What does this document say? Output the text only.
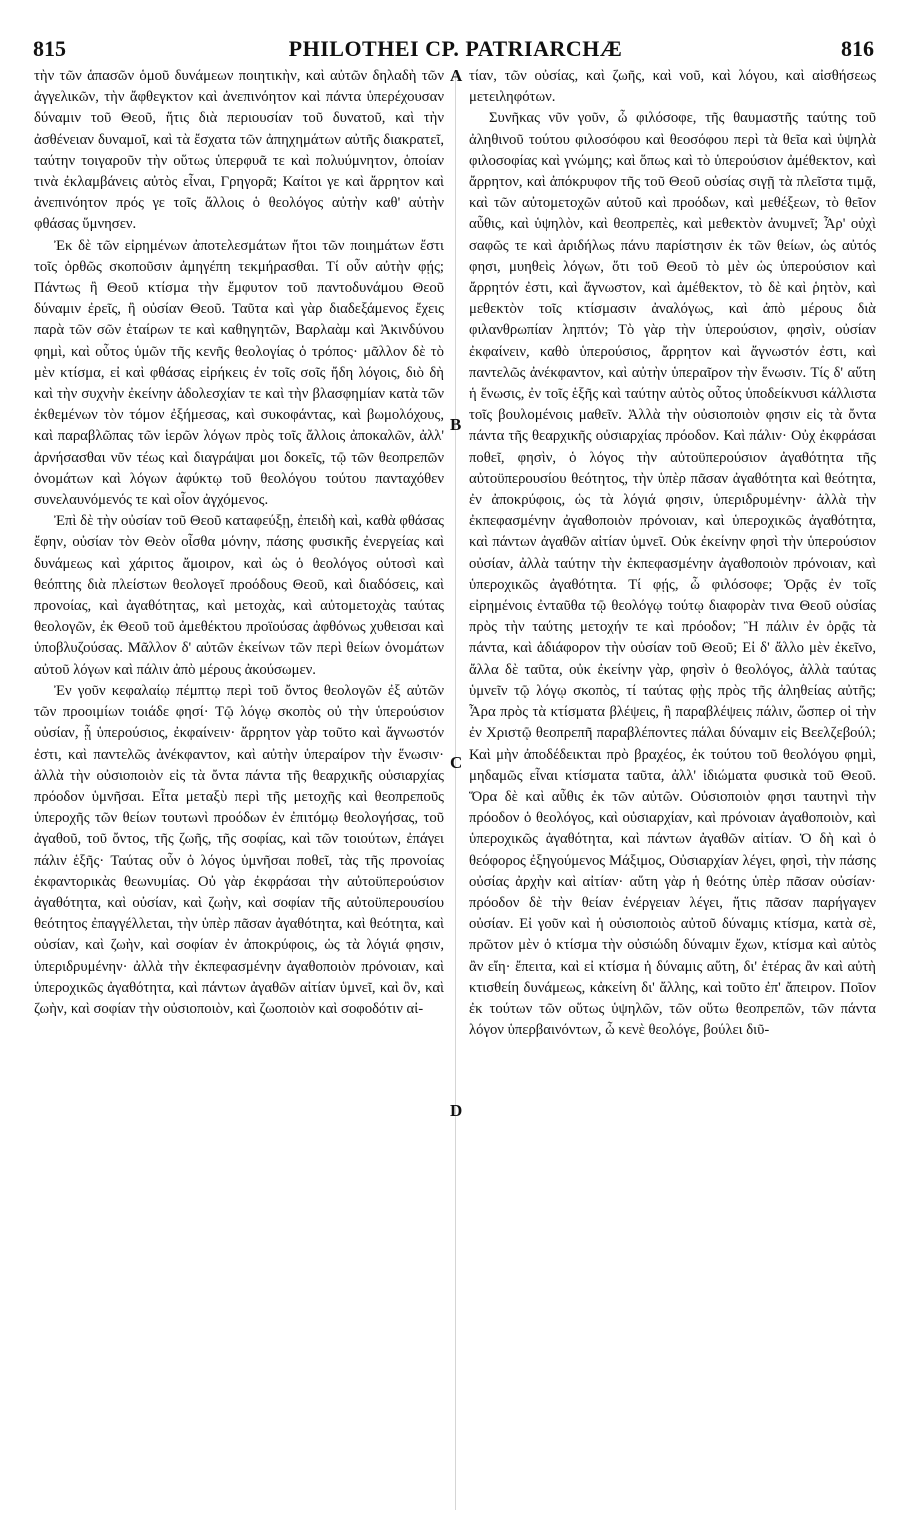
815	PHILOTHEI CP. PATRIARCHÆ	816

τὴν τῶν ἁπασῶν ὁμοῦ δυνάμεων ποιητικὴν, καὶ αὐτῶν δηλαδὴ τῶν ἀγγελικῶν, τὴν ἄφθεγκτον καὶ ἀνεπινόητον καὶ πάντα ὑπερέχουσαν δύναμιν τοῦ Θεοῦ, ἥτις διὰ περιουσίαν τοῦ δυνατοῦ, καὶ τὴν ἀσθένειαν δυναμοῖ, καὶ τὰ ἔσχατα τῶν ἀπηχημάτων αὐτῆς διακρατεῖ, ταύτην τοιγαροῦν τὴν οὕτως ὑπερφυᾶ τε καὶ πολυύμνητον, ὁποίαν τινὰ ἐκλαμβάνεις αὐτὸς εἶναι, Γρηγορᾶ; Καίτοι γε καὶ ἄρρητον καὶ ἀνεπινόητον πρός γε τοῖς ἄλλοις ὁ θεολόγος αὐτὴν καθ' αὑτὴν φθάσας ὕμνησεν.

Ἐκ δὲ τῶν εἰρημένων ἀποτελεσμάτων ἤτοι τῶν ποιημάτων ἔστι τοῖς ὀρθῶς σκοποῦσιν ἀμηγέπη τεκμήρασθαι. Τί οὖν αὐτὴν φῄς; Πάντως ἢ Θεοῦ κτίσμα τὴν ἔμφυτον τοῦ παντοδυνάμου Θεοῦ δύναμιν ἐρεῖς, ἢ οὐσίαν Θεοῦ. Ταῦτα καὶ γὰρ διαδεξάμενος ἔχεις παρὰ τῶν σῶν ἑταίρων τε καὶ καθηγητῶν, Βαρλαὰμ καὶ Ἀκινδύνου φημὶ, καὶ οὗτος ὑμῶν τῆς κενῆς θεολογίας ὁ τρόπος· μᾶλλον δὲ τὸ μὲν κτίσμα, εἰ καὶ φθάσας εἰρήκεις ἐν τοῖς σοῖς ἤδη λόγοις, διὸ δὴ καὶ τὴν συχνὴν ἐκείνην ἀδολεσχίαν τε καὶ τὴν βλασφημίαν κατὰ τῶν ἐκθεμένων τὸν τόμον ἐξήμεσας, καὶ συκοφάντας, καὶ βωμολόχους, καὶ παραβλῶπας τῶν ἱερῶν λόγων πρὸς τοῖς ἄλλοις ἀποκαλῶν, ἀλλ' ἀρνήσασθαι νῦν τέως καὶ διαγράψαι μοι δοκεῖς, τῷ τῶν θεοπρεπῶν ὀνομάτων καὶ λόγων ἀφύκτῳ τοῦ θεολόγου τούτου πανταχόθεν συνελαυνόμενός τε καὶ οἷον ἀγχόμενος.

Ἐπὶ δὲ τὴν οὐσίαν τοῦ Θεοῦ καταφεύξῃ, ἐπειδὴ καὶ, καθὰ φθάσας ἔφην, οὐσίαν τὸν Θεὸν οἶσθα μόνην, πάσης φυσικῆς ἐνεργείας καὶ δυνάμεως καὶ χάριτος ἄμοιρον, καὶ ὡς ὁ θεολόγος οὑτοσὶ καὶ θεόπτης διὰ πλείστων θεολογεῖ προόδους Θεοῦ, καὶ διαδόσεις, καὶ προνοίας, καὶ ἀγαθότητας, καὶ μετοχὰς, καὶ αὐτομετοχὰς ταύτας θεολογῶν, ἐκ Θεοῦ τοῦ ἀμεθέκτου προϊούσας ἀφθόνως χυθεισαι καὶ ὑποβλυζούσας. Μᾶλλον δ' αὐτῶν ἐκείνων τῶν περὶ θείων ὀνομάτων αὐτοῦ λόγων καὶ πάλιν ἀπὸ μέρους ἀκούσωμεν.

Ἐν γοῦν κεφαλαίῳ πέμπτῳ περὶ τοῦ ὄντος θεολογῶν ἐξ αὐτῶν τῶν προοιμίων τοιάδε φησί· Τῷ λόγῳ σκοπὸς οὐ τὴν ὑπερούσιον οὐσίαν, ᾗ ὑπερούσιος, ἐκφαίνειν· ἄρρητον γὰρ τοῦτο καὶ ἄγνωστόν ἐστι, καὶ παντελῶς ἀνέκφαντον, καὶ αὐτὴν ὑπεραίρον τὴν ἕνωσιν· ἀλλὰ τὴν οὐσιοποιὸν εἰς τὰ ὄντα πάντα τῆς θεαρχικῆς οὐσιαρχίας πρόοδον ὑμνῆσαι. Εἶτα μεταξὺ περὶ τῆς μετοχῆς καὶ θεοπρεποῦς ὑπεροχῆς τῶν θείων τουτωνὶ προόδων ἐν ἐπιτόμῳ θεολογήσας, τοῦ ἀγαθοῦ, τοῦ ὄντος, τῆς ζωῆς, τῆς σοφίας, καὶ τῶν τοιούτων, ἐπάγει πάλιν ἑξῆς· Ταύτας οὖν ὁ λόγος ὑμνῆσαι ποθεῖ, τὰς τῆς προνοίας ἐκφαντορικὰς θεωνυμίας. Οὐ γὰρ ἐκφράσαι τὴν αὐτοϋπερούσιον ἀγαθότητα, καὶ οὐσίαν, καὶ ζωὴν, καὶ σοφίαν τῆς αὐτοϋπερουσίου θεότητος ἐπαγγέλλεται, τὴν ὑπὲρ πᾶσαν ἀγαθότητα, καὶ θεότητα, καὶ οὐσίαν, καὶ ζωὴν, καὶ σοφίαν ἐν ἀποκρύφοις, ὡς τὰ λόγιά φησιν, ὑπεριδρυμένην· ἀλλὰ τὴν ἐκπεφασμένην ἀγαθοποιὸν πρόνοιαν, καὶ ὑπεροχικῶς ἀγαθότητα, καὶ πάντων ἀγαθῶν αἰτίαν ὑμνεῖ, καὶ ὂν, καὶ ζωὴν, καὶ σοφίαν τὴν οὐσιοποιὸν, καὶ ζωοποιὸν καὶ σοφοδότιν αἰ-

τίαν, τῶν οὐσίας, καὶ ζωῆς, καὶ νοῦ, καὶ λόγου, καὶ αἰσθήσεως μετειληφότων.

Συνῆκας νῦν γοῦν, ὦ φιλόσοφε, τῆς θαυμαστῆς ταύτης τοῦ ἀληθινοῦ τούτου φιλοσόφου καὶ θεοσόφου περὶ τὰ θεῖα καὶ ὑψηλὰ φιλοσοφίας καὶ γνώμης; καὶ ὅπως καὶ τὸ ὑπερούσιον ἀμέθεκτον, καὶ ἄρρητον, καὶ ἀπόκρυφον τῆς τοῦ Θεοῦ οὐσίας σιγῇ τὰ πλεῖστα τιμᾷ, καὶ τῶν αὐτομετοχῶν αὐτοῦ καὶ προόδων, καὶ μεθέξεων, τὸ θεῖον αὖθις, καὶ ὑψηλὸν, καὶ θεοπρεπὲς, καὶ μεθεκτὸν ἀνυμνεῖ; Ἆρ' οὐχὶ σαφῶς τε καὶ ἀριδήλως πάνυ παρίστησιν ἐκ τῶν θείων, ὡς αὐτός φησι, μυηθεὶς λόγων, ὅτι τοῦ Θεοῦ τὸ μὲν ὡς ὑπερούσιον καὶ ἄρρητόν ἐστι, καὶ ἄγνωστον, καὶ ἀμέθεκτον, τὸ δὲ καὶ ῥητὸν, καὶ μεθεκτὸν τοῖς κτίσμασιν ἀναλόγως, καὶ ἀπὸ μέρους διὰ φιλανθρωπίαν ληπτόν; Τὸ γὰρ τὴν ὑπερούσιον, φησὶν, οὐσίαν ἐκφαίνειν, καθὸ ὑπερούσιος, ἄρρητον καὶ ἄγνωστόν ἐστι, καὶ παντελῶς ἀνέκφαντον, καὶ αὐτὴν ὑπεραῖρον τὴν ἕνωσιν. Τίς δ' αὕτη ἡ ἕνωσις, ἐν τοῖς ἑξῆς καὶ ταύτην αὐτὸς οὗτος ὑποδείκνυσι κάλλιστα τοῖς βουλομένοις μαθεῖν. Ἀλλὰ τὴν οὐσιοποιὸν φησιν εἰς τὰ ὄντα πάντα τῆς θεαρχικῆς οὐσιαρχίας πρόοδον. Καὶ πάλιν· Οὐχ ἐκφράσαι ποθεῖ, φησὶν, ὁ λόγος τὴν αὐτοϋπερούσιον ἀγαθότητα τῆς αὐτοϋπερουσίου θεότητος, τὴν ὑπὲρ πᾶσαν ἀγαθότητα καὶ θεότητα, ἐν ἀποκρύφοις, ὡς τὰ λόγιά φησιν, ὑπεριδρυμένην· ἀλλὰ τὴν ἐκπεφασμένην ἀγαθοποιὸν πρόνοιαν, καὶ ὑπεροχικῶς ἀγαθότητα, καὶ πάντων ἀγαθῶν αἰτίαν ὑμνεῖ. Οὐκ ἐκείνην φησὶ τὴν ὑπερούσιον οὐσίαν, ἀλλὰ ταύτην τὴν ἐκπεφασμένην ἀγαθοποιὸν πρόνοιαν, καὶ ὑπεροχικῶς ἀγαθότητα. Τί φῄς, ὦ φιλόσοφε; Ὁρᾷς ἐν τοῖς εἰρημένοις ἐνταῦθα τῷ θεολόγῳ τούτῳ διαφορὰν τινα Θεοῦ οὐσίας πρὸς τὴν ταύτης μετοχήν τε καὶ πρόοδον; Ἢ πάλιν ἐν ὁρᾷς τὰ πάντα, καὶ ἀδιάφορον τὴν οὐσίαν τοῦ Θεοῦ; Εἰ δ' ἄλλο μὲν ἐκεῖνο, ἄλλα δὲ ταῦτα, οὐκ ἐκείνην γὰρ, φησὶν ὁ θεολόγος, ἀλλὰ ταύτας ὑμνεῖν τῷ λόγῳ σκοπὸς, τί ταύτας φῂς πρὸς τῆς ἀληθείας αὐτῆς; Ἆρα πρὸς τὰ κτίσματα βλέψεις, ἢ παραβλέψεις πάλιν, ὥσπερ οἱ τὴν ἐν Χριστῷ θεοπρεπῆ παραβλέποντες πάλαι δύναμιν εἰς Βεελζεβούλ; Καὶ μὴν ἀποδέδεικται πρὸ βραχέος, ἐκ τούτου τοῦ θεολόγου φημὶ, μηδαμῶς εἶναι κτίσματα ταῦτα, ἀλλ' ἰδιώματα φυσικὰ τοῦ Θεοῦ. Ὅρα δὲ καὶ αὖθις ἐκ τῶν αὐτῶν. Οὐσιοποιὸν φησι ταυτηνὶ τὴν πρόοδον ὁ θεολόγος, καὶ οὐσιαρχίαν, καὶ πρόνοιαν ἀγαθοποιὸν, καὶ ὑπεροχικῶς ἀγαθότητα, καὶ πάντων ἀγαθῶν αἰτίαν. Ὁ δὴ καὶ ὁ θεόφορος ἐξηγούμενος Μάξιμος, Οὐσιαρχίαν λέγει, φησὶ, τὴν πάσης οὐσίας ἀρχὴν καὶ αἰτίαν· αὕτη γὰρ ἡ θεότης ὑπὲρ πᾶσαν οὐσίαν· πρόοδον δὲ τὴν θείαν ἐνέργειαν λέγει, ἥτις πᾶσαν παρήγαγεν οὐσίαν. Εἰ γοῦν καὶ ἡ οὐσιοποιὸς αὐτοῦ δύναμις κτίσμα, κατὰ σὲ, πρῶτον μὲν ὁ κτίσμα τὴν οὐσιώδη δύναμιν ἔχων, κτίσμα καὶ αὐτὸς ἂν εἴη· ἔπειτα, καὶ εἰ κτίσμα ἡ δύναμις αὕτη, δι' ἑτέρας ἂν καὶ αὐτὴ κτισθείη δυνάμεως, κἀκείνη δι' ἄλλης, καὶ τοῦτο ἐπ' ἄπειρον. Ποῖον ἐκ τούτων τῶν οὕτως ὑψηλῶν, τῶν οὕτω θεοπρεπῶν, τῶν πάντα λόγον ὑπερβαινόντων, ὦ κενὲ θεολόγε, βούλει διῦ-

A
B
C
D
